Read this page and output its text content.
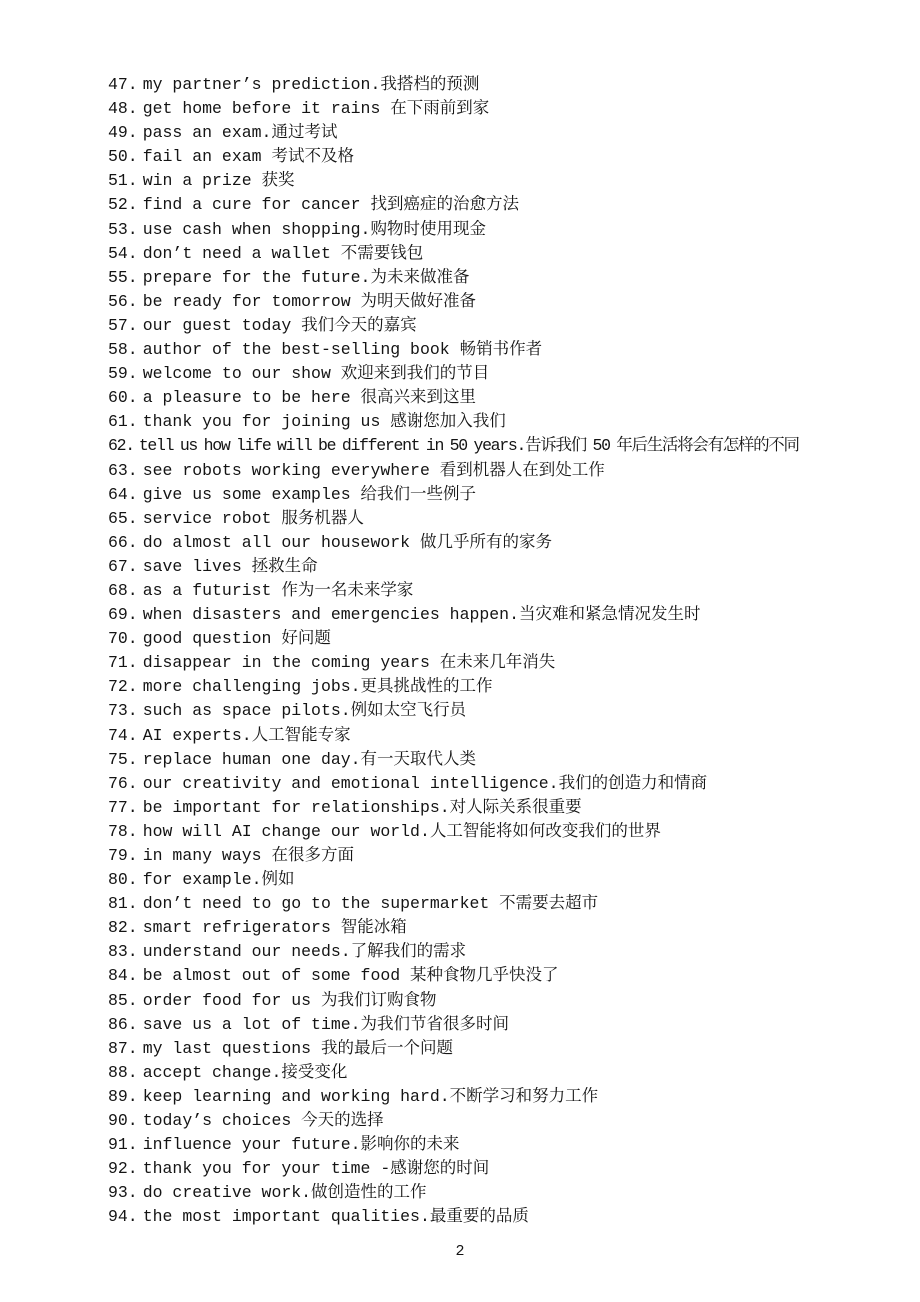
47. my partner’s prediction.我搭档的预测
48. get home before it rains 在下雨前到家
49. pass an exam.通过考试
50. fail an exam 考试不及格
51. win a prize 获奖
52. find a cure for cancer 找到癌症的治愈方法
53. use cash when shopping.购物时使用现金
54. don’t need a wallet 不需要钱包
55. prepare for the future.为未来做准备
56. be ready for tomorrow 为明天做好准备
57. our guest today 我们今天的嘉宾
58. author of the best-selling book 畅销书作者
59. welcome to our show 欢迎来到我们的节目
60. a pleasure to be here 很高兴来到这里
61. thank you for joining us 感谢您加入我们
62. tell us how life will be different in 50 years.告诉我们 50 年后生活将会有怎样的不同
63. see robots working everywhere 看到机器人在到处工作
64. give us some examples 给我们一些例子
65. service robot 服务机器人
66. do almost all our housework 做几乎所有的家务
67. save lives 拯救生命
68. as a futurist 作为一名未来学家
69. when disasters and emergencies happen.当灾难和紧急情况发生时
70. good question 好问题
71. disappear in the coming years 在未来几年消失
72. more challenging jobs.更具挑战性的工作
73. such as space pilots.例如太空飞行员
74. AI experts.人工智能专家
75. replace human one day.有一天取代人类
76. our creativity and emotional intelligence.我们的创造力和情商
77. be important for relationships.对人际关系很重要
78. how will AI change our world.人工智能将如何改变我们的世界
79. in many ways 在很多方面
80. for example.例如
81. don’t need to go to the supermarket 不需要去超市
82. smart refrigerators 智能冰箱
83. understand our needs.了解我们的需求
84. be almost out of some food 某种食物几乎快没了
85. order food for us 为我们订购食物
86. save us a lot of time.为我们节省很多时间
87. my last questions 我的最后一个问题
88. accept change.接受变化
89. keep learning and working hard.不断学习和努力工作
90. today’s choices 今天的选择
91. influence your future.影响你的未来
92. thank you for your time -感谢您的时间
93. do creative work.做创造性的工作
94. the most important qualities.最重要的品质
2
